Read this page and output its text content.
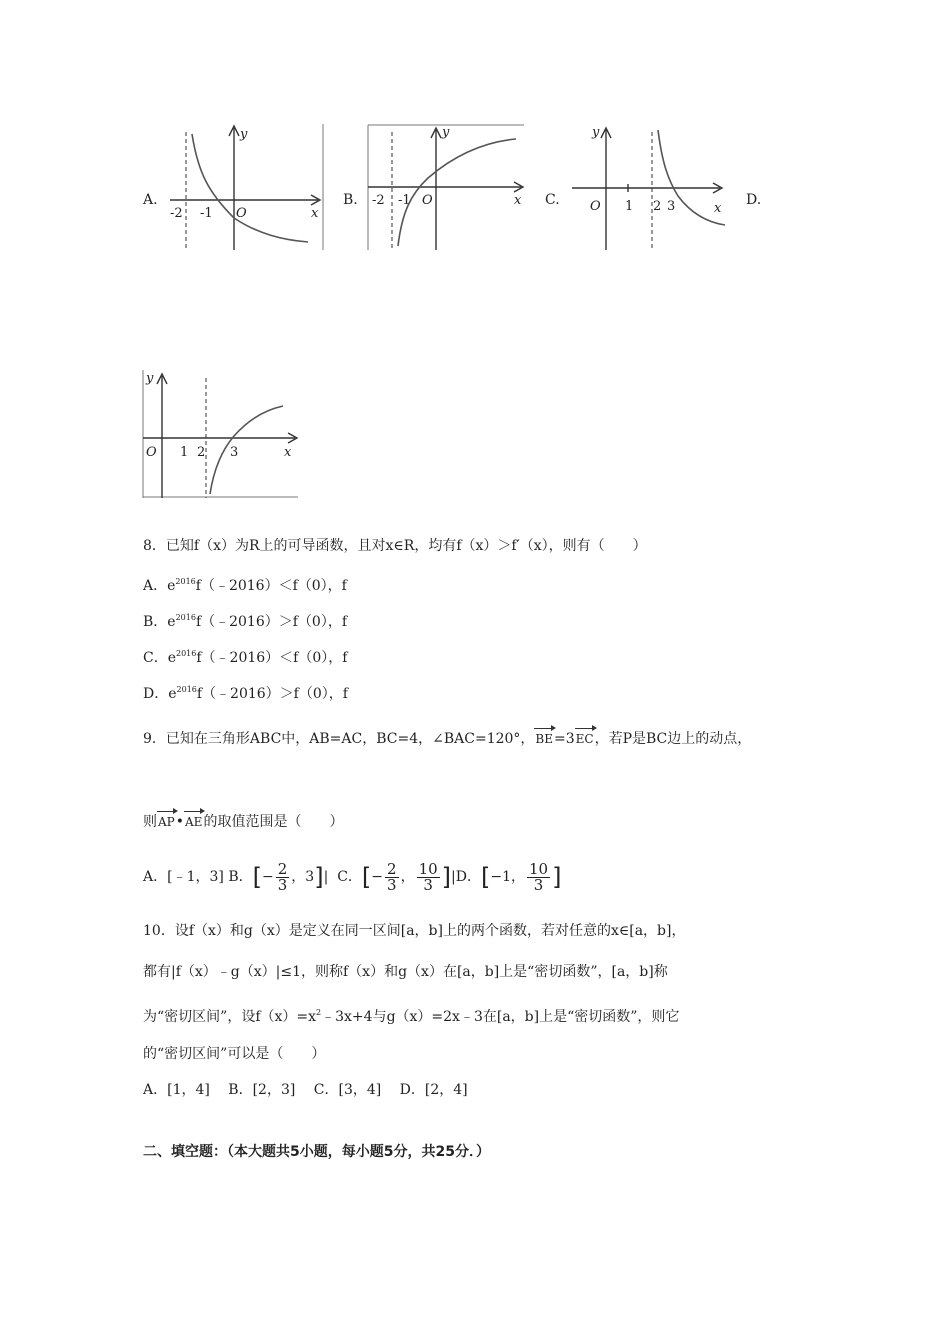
A.
-2 -1 O	x
y
B. -2 -1 O	x
y
C. O 1 2 3	x
y
D.
O 1 2 3	x
y
8．已知f（x）为R上的可导函数，且对x∈R，均有f（x）＞f′（x），则有（　　）
A．$e^{2016}f(﹣2016)<f(0)$，f
B．$e^{2016}f(﹣2016)>f(0)$，f
C．$e^{2016}f(﹣2016)<f(0)$，f
D．$e^{2016}f(﹣2016)>f(0)$，f
9．已知在三角形ABC中，AB=AC，BC=4，∠BAC=120°，BE=3EC，若P是BC边上的动点，
则AP•AE的取值范围是（　　）
A．[﹣1，3] B．[− $\frac{2}{3}$ ，3]| C．[− $\frac{2}{3}$ ， $\frac{10}{3} ]|D$．[−1， $\frac{10}{3}$ ]
10．设f（x）和g（x）是定义在同一区间[a，b]上的两个函数，若对任意的x∈[a，b]，
都有|f（x）﹣g（x）|≤1，则称f（x）和g（x）在[a，b]上是“密切函数”，[a，b]称
为“密切区间”，设$f(x)=x^2﹣3x+4$与g（x）=2x﹣3在[a，b]上是“密切函数”，则它
的“密切区间”可以是（　　）
A．[1，4]　 B．[2，3]　 C．[3，4]　 D．[2，4]
二、填空题：（本大题共5小题，每小题5分，共25分．）
